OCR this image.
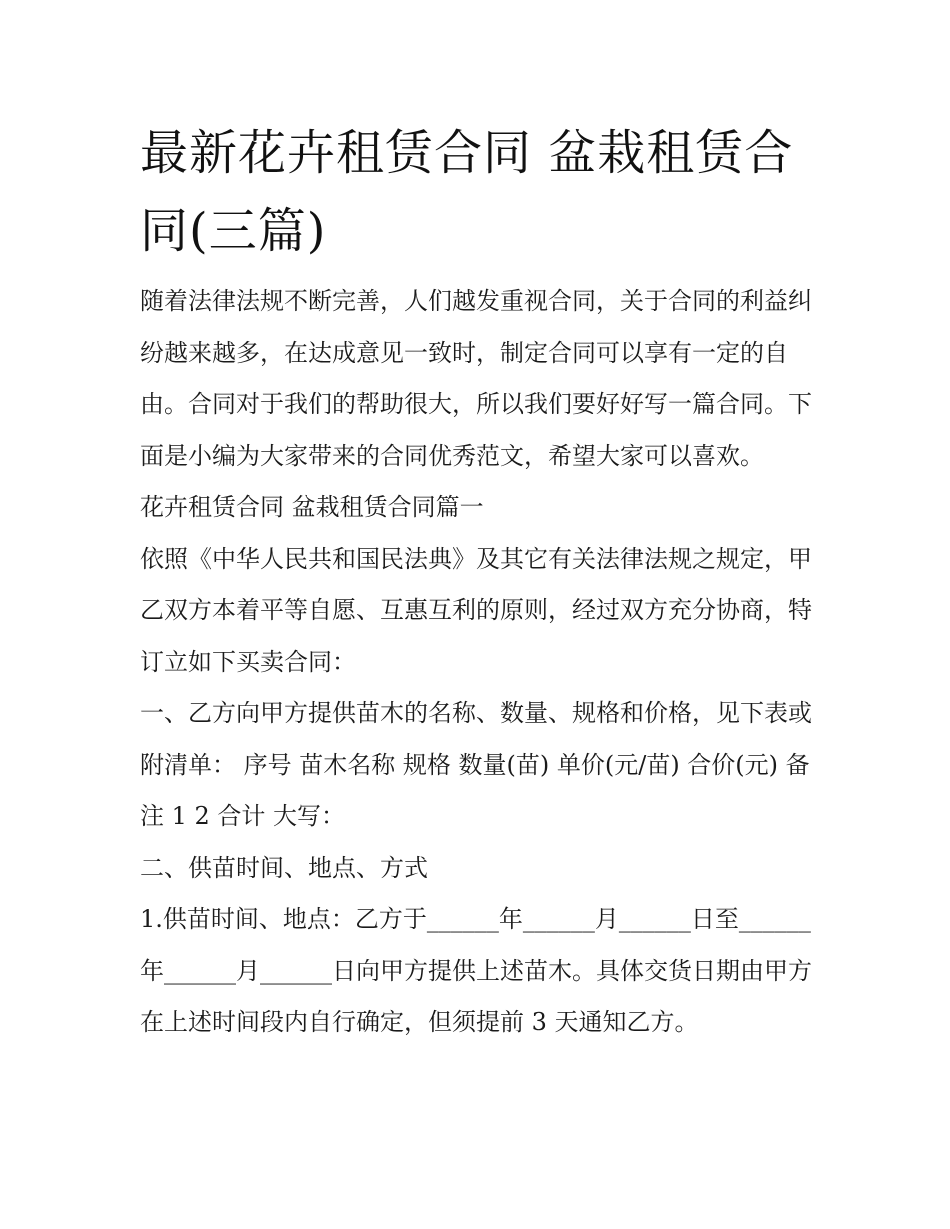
最新花卉租赁合同 盆栽租赁合同(三篇)

随着法律法规不断完善，人们越发重视合同，关于合同的利益纠纷越来越多，在达成意见一致时，制定合同可以享有一定的自由。合同对于我们的帮助很大，所以我们要好好写一篇合同。下面是小编为大家带来的合同优秀范文，希望大家可以喜欢。

花卉租赁合同 盆栽租赁合同篇一

依照《中华人民共和国民法典》及其它有关法律法规之规定，甲乙双方本着平等自愿、互惠互利的原则，经过双方充分协商，特订立如下买卖合同：

一、乙方向甲方提供苗木的名称、数量、规格和价格，见下表或附清单： 序号 苗木名称 规格 数量(苗) 单价(元/苗) 合价(元) 备注 1 2 合计 大写：

二、供苗时间、地点、方式

1.供苗时间、地点：乙方于______年______月______日至______年______月______日向甲方提供上述苗木。具体交货日期由甲方在上述时间段内自行确定，但须提前 3 天通知乙方。
